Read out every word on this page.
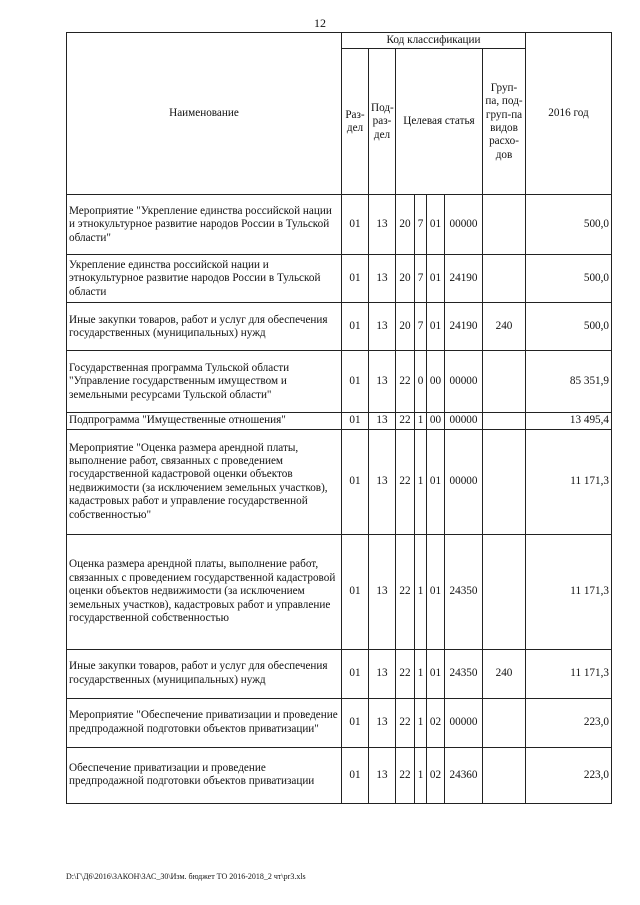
12
Наименование	Код классификации							2016 год
	Раз-дел	Под-раз-дел	Целевая статья				Груп-па, под-груп-па видов расхо-дов	
Мероприятие "Укрепление единства российской нации и этнокультурное развитие народов России в Тульской области"	01	13	20	7	01	00000		500,0
Укрепление единства российской нации и этнокультурное развитие народов России в Тульской области	01	13	20	7	01	24190		500,0
Иные закупки товаров, работ и услуг для обеспечения государственных (муниципальных) нужд	01	13	20	7	01	24190	240	500,0
Государственная программа Тульской области "Управление государственным имуществом и земельными ресурсами Тульской области"	01	13	22	0	00	00000		85 351,9
Подпрограмма "Имущественные отношения"	01	13	22	1	00	00000		13 495,4
Мероприятие "Оценка размера арендной платы, выполнение работ, связанных с проведением государственной кадастровой оценки объектов недвижимости (за исключением земельных участков), кадастровых работ и управление государственной собственностью"	01	13	22	1	01	00000		11 171,3
Оценка размера арендной платы, выполнение работ, связанных с проведением государственной кадастровой оценки объектов недвижимости (за исключением земельных участков), кадастровых работ и управление государственной собственностью	01	13	22	1	01	24350		11 171,3
Иные закупки товаров, работ и услуг для обеспечения государственных (муниципальных) нужд	01	13	22	1	01	24350	240	11 171,3
Мероприятие "Обеспечение приватизации и проведение предпродажной подготовки объектов приватизации"	01	13	22	1	02	00000		223,0
Обеспечение приватизации и проведение предпродажной подготовки объектов приватизации	01	13	22	1	02	24360		223,0
D:\Г\Д6\2016\ЗАКОН\ЗАС_30\Изм. бюджет ТО 2016-2018_2 чт\pr3.xls
